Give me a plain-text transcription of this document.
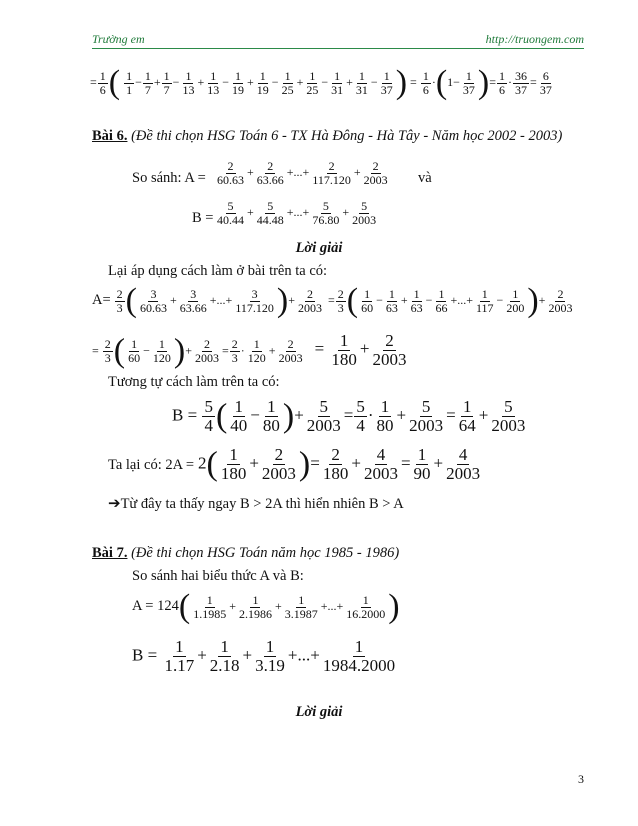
Trường em	http://truongem.com
= $\frac{1}{6}$ ( $\frac{1}{1} - \frac{1}{7} + \frac{1}{7} - \frac{1}{13} + \frac{1}{13} - \frac{1}{19} + \frac{1}{19} - \frac{1}{25} + \frac{1}{25} - \frac{1}{31} + \frac{1}{31} - \frac{1}{37}$ ) = $\frac{1}{6} \cdot(1- \frac{1}{37}$ )= $\frac{1}{6} \cdot \frac{36}{37} = \frac{6}{37}$
Bài 6. (Đề thi chọn HSG Toán 6 - TX Hà Đông - Hà Tây - Năm học 2002 - 2003)
So sánh: $A = \frac{2}{60.63} + \frac{2}{63.66}$ +...+ $\frac{2}{117.120} + \frac{2}{2003}$ và
$B = \frac{5}{40.44} + \frac{5}{44.48}$ +...+ $\frac{5}{76.80} + \frac{5}{2003}$
Lời giải
Lại áp dụng cách làm ở bài trên ta có:
$A= \frac{2}{3}$ ( $\frac{3}{60.63} + \frac{3}{63.66}$ +...+ $\frac{3}{117.120}$ )+ $\frac{2}{2003} = \frac{2}{3}$ ( $\frac{1}{60} - \frac{1}{63} + \frac{1}{63} - \frac{1}{66}$ +...+ $\frac{1}{117} - \frac{1}{200}$ )+ $\frac{2}{2003}$
= $\frac{2}{3}$ ( $\frac{1}{60} - \frac{1}{120}$ )+ $\frac{2}{2003} = \frac{2}{3} \cdot \frac{1}{120} + \frac{2}{2003} = \frac{1}{180} + \frac{2}{2003}$
Tương tự cách làm trên ta có:
$B = \frac{5}{4}$ ( $\frac{1}{40} - \frac{1}{80}$ )+ $\frac{5}{2003} = \frac{5}{4} \cdot \frac{1}{80} + \frac{5}{2003} = \frac{1}{64} + \frac{5}{2003}$
Ta lại có: $2A = 2( \frac{1}{180} + \frac{2}{2003}$ )= $\frac{2}{180} + \frac{4}{2003} = \frac{1}{90} + \frac{4}{2003}$
➔Từ đây ta thấy ngay B > 2A thì hiển nhiên B > A
Bài 7. (Đề thi chọn HSG Toán năm học 1985 - 1986)
So sánh hai biểu thức A và B:
$A = 124( \frac{1}{1.1985} + \frac{1}{2.1986} + \frac{1}{3.1987}$ +...+ $\frac{1}{16.2000}$ )
$B = \frac{1}{1.17} + \frac{1}{2.18} + \frac{1}{3.19}$ +...+ $\frac{1}{1984.2000}$
Lời giải
3
